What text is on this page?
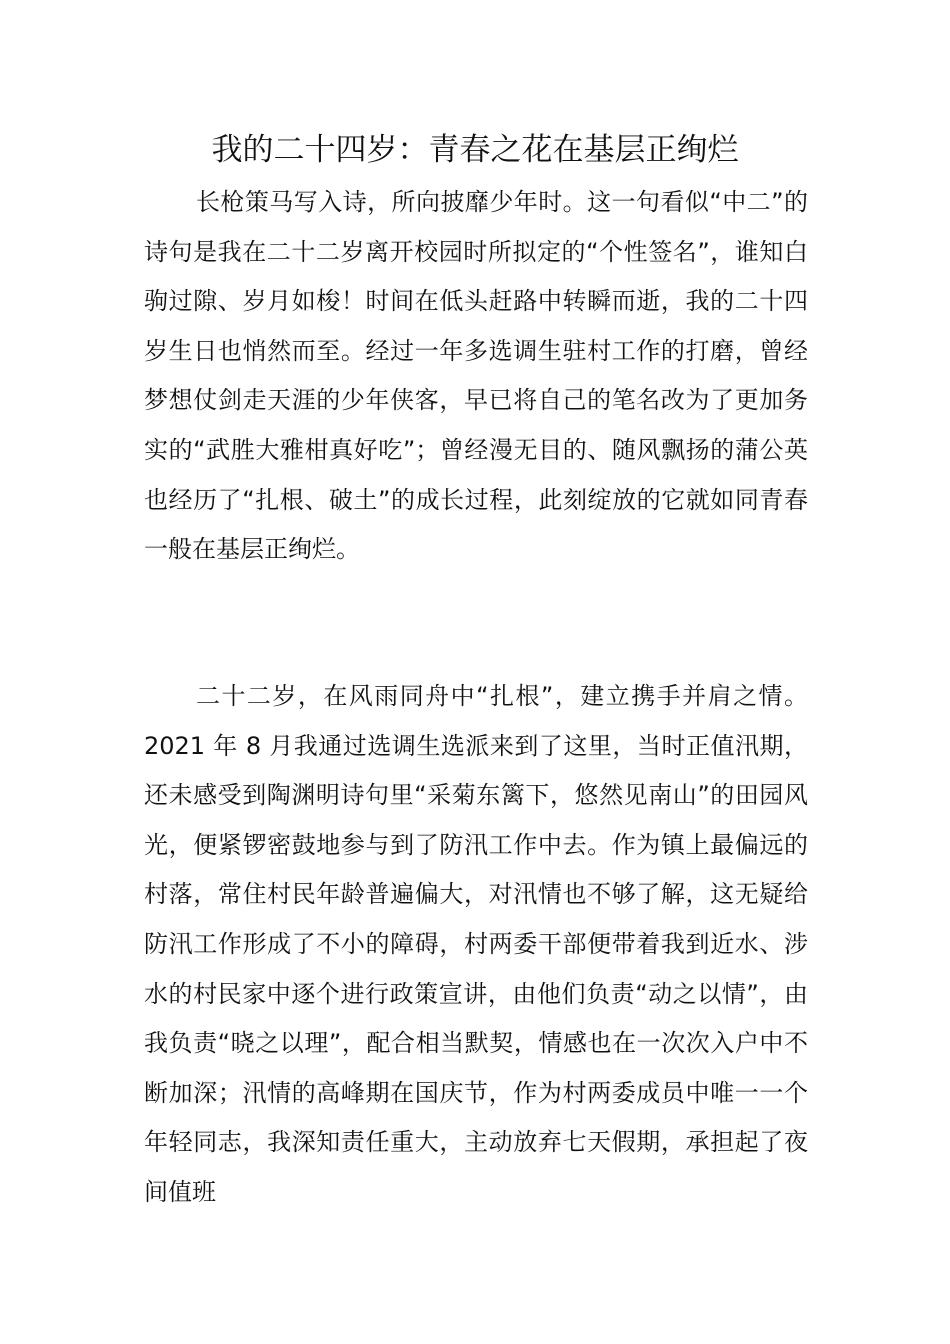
我的二十四岁：青春之花在基层正绚烂

长枪策马写入诗，所向披靡少年时。这一句看似“中二”的诗句是我在二十二岁离开校园时所拟定的“个性签名”，谁知白驹过隙、岁月如梭！时间在低头赶路中转瞬而逝，我的二十四岁生日也悄然而至。经过一年多选调生驻村工作的打磨，曾经梦想仗剑走天涯的少年侠客，早已将自己的笔名改为了更加务实的“武胜大雅柑真好吃”；曾经漫无目的、随风飘扬的蒲公英也经历了“扎根、破土”的成长过程，此刻绽放的它就如同青春一般在基层正绚烂。

二十二岁，在风雨同舟中“扎根”，建立携手并肩之情。2021 年 8 月我通过选调生选派来到了这里，当时正值汛期，还未感受到陶渊明诗句里“采菊东篱下，悠然见南山”的田园风光，便紧锣密鼓地参与到了防汛工作中去。作为镇上最偏远的村落，常住村民年龄普遍偏大，对汛情也不够了解，这无疑给防汛工作形成了不小的障碍，村两委干部便带着我到近水、涉水的村民家中逐个进行政策宣讲，由他们负责“动之以情”，由我负责“晓之以理”，配合相当默契，情感也在一次次入户中不断加深；汛情的高峰期在国庆节，作为村两委成员中唯一一个年轻同志，我深知责任重大，主动放弃七天假期，承担起了夜间值班
